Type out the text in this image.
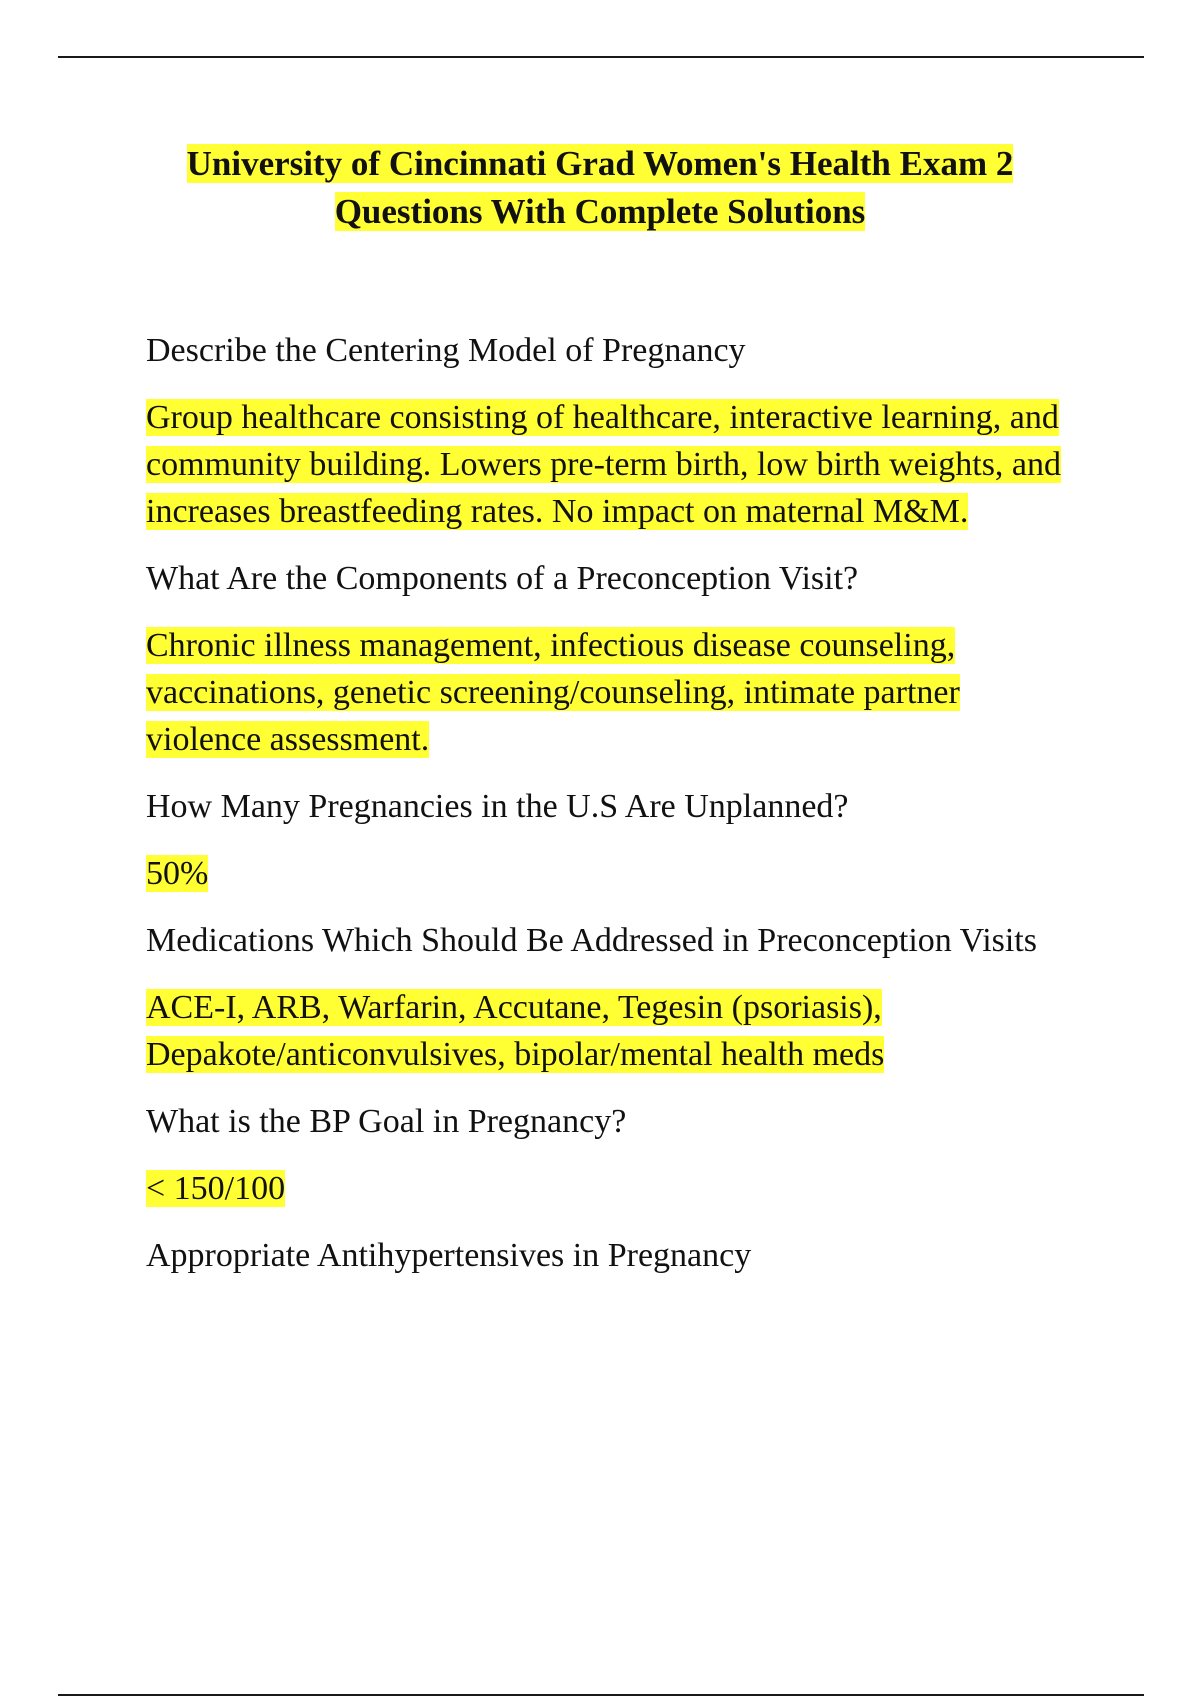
University of Cincinnati Grad Women's Health Exam 2
Questions With Complete Solutions

Describe the Centering Model of Pregnancy

Group healthcare consisting of healthcare, interactive learning, and community building. Lowers pre-term birth, low birth weights, and increases breastfeeding rates. No impact on maternal M&M.

What Are the Components of a Preconception Visit?

Chronic illness management, infectious disease counseling, vaccinations, genetic screening/counseling, intimate partner violence assessment.

How Many Pregnancies in the U.S Are Unplanned?

50%

Medications Which Should Be Addressed in Preconception Visits

ACE-I, ARB, Warfarin, Accutane, Tegesin (psoriasis), Depakote/anticonvulsives, bipolar/mental health meds

What is the BP Goal in Pregnancy?

< 150/100

Appropriate Antihypertensives in Pregnancy
